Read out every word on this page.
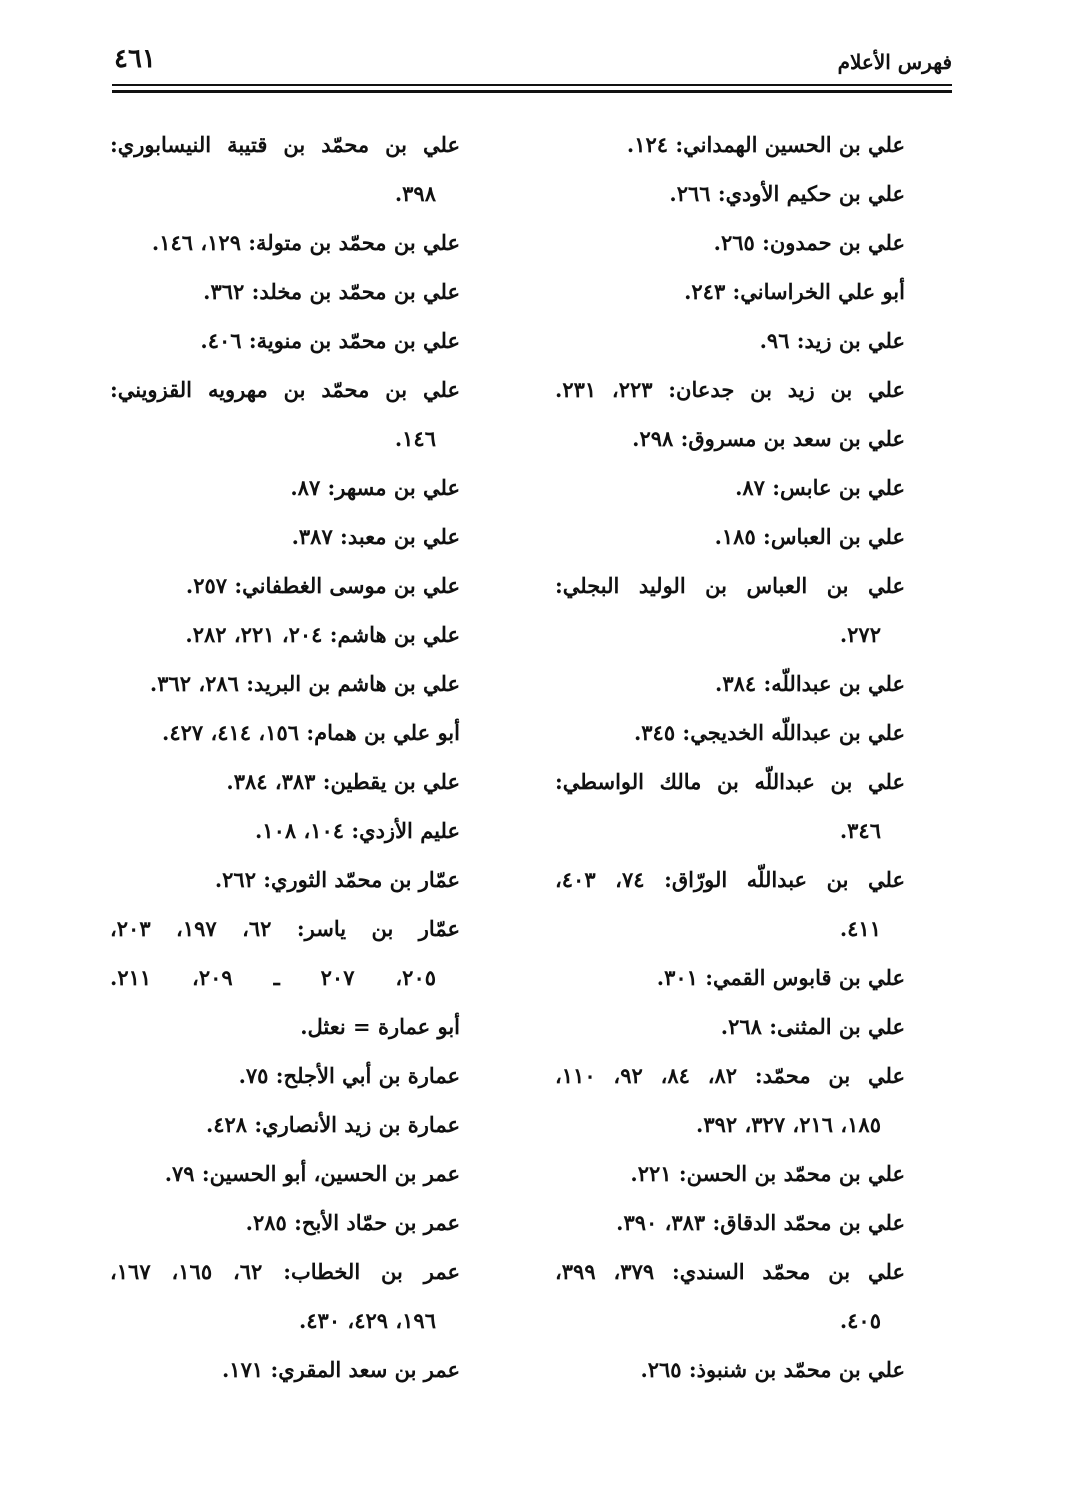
فهرس الأعلام
٤٦١
علي بن الحسين الهمداني: ١٢٤.
علي بن حكيم الأودي: ٢٦٦.
علي بن حمدون: ٢٦٥.
أبو علي الخراساني: ٢٤٣.
علي بن زيد: ٩٦.
علي بن زيد بن جدعان: ٢٢٣، ٢٣١.
علي بن سعد بن مسروق: ٢٩٨.
علي بن عابس: ٨٧.
علي بن العباس: ١٨٥.
علي بن العباس بن الوليد البجلي:
٢٧٢.
علي بن عبداللّه: ٣٨٤.
علي بن عبداللّه الخديجي: ٣٤٥.
علي بن عبداللّه بن مالك الواسطي:
٣٤٦.
علي بن عبداللّه الورّاق: ٧٤، ٤٠٣،
٤١١.
علي بن قابوس القمي: ٣٠١.
علي بن المثنى: ٢٦٨.
علي بن محمّد: ٨٢، ٨٤، ٩٢، ١١٠،
١٨٥، ٢١٦، ٣٢٧، ٣٩٢.
علي بن محمّد بن الحسن: ٢٢١.
علي بن محمّد الدقاق: ٣٨٣، ٣٩٠.
علي بن محمّد السندي: ٣٧٩، ٣٩٩،
٤٠٥.
علي بن محمّد بن شنبوذ: ٢٦٥.
علي بن محمّد بن قتيبة النيسابوري:
٣٩٨.
علي بن محمّد بن متولة: ١٢٩، ١٤٦.
علي بن محمّد بن مخلد: ٣٦٢.
علي بن محمّد بن منوية: ٤٠٦.
علي بن محمّد بن مهرويه القزويني:
١٤٦.
علي بن مسهر: ٨٧.
علي بن معبد: ٣٨٧.
علي بن موسى الغطفاني: ٢٥٧.
علي بن هاشم: ٢٠٤، ٢٢١، ٢٨٢.
علي بن هاشم بن البريد: ٢٨٦، ٣٦٢.
أبو علي بن همام: ١٥٦، ٤١٤، ٤٢٧.
علي بن يقطين: ٣٨٣، ٣٨٤.
عليم الأزدي: ١٠٤، ١٠٨.
عمّار بن محمّد الثوري: ٢٦٢.
عمّار بن ياسر: ٦٢، ١٩٧، ٢٠٣،
٢٠٥، ٢٠٧ ـ ٢٠٩، ٢١١.
أبو عمارة = نعثل.
عمارة بن أبي الأجلح: ٧٥.
عمارة بن زيد الأنصاري: ٤٢٨.
عمر بن الحسين، أبو الحسين: ٧٩.
عمر بن حمّاد الأبح: ٢٨٥.
عمر بن الخطاب: ٦٢، ١٦٥، ١٦٧،
١٩٦، ٤٢٩، ٤٣٠.
عمر بن سعد المقري: ١٧١.
